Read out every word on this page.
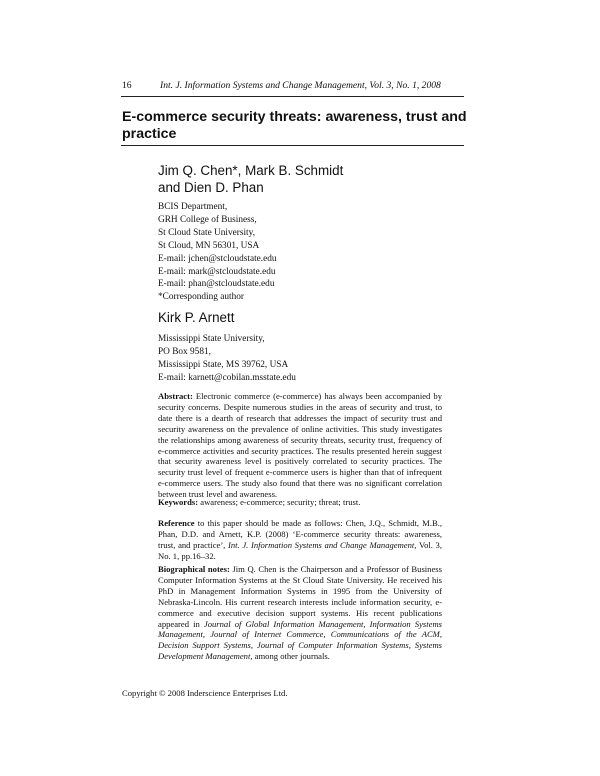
16	Int. J. Information Systems and Change Management, Vol. 3, No. 1, 2008
E-commerce security threats: awareness, trust and practice
Jim Q. Chen*, Mark B. Schmidt
and Dien D. Phan
BCIS Department,
GRH College of Business,
St Cloud State University,
St Cloud, MN 56301, USA
E-mail: jchen@stcloudstate.edu
E-mail: mark@stcloudstate.edu
E-mail: phan@stcloudstate.edu
*Corresponding author
Kirk P. Arnett
Mississippi State University,
PO Box 9581,
Mississippi State, MS 39762, USA
E-mail: karnett@cobilan.msstate.edu
Abstract: Electronic commerce (e-commerce) has always been accompanied by security concerns. Despite numerous studies in the areas of security and trust, to date there is a dearth of research that addresses the impact of security trust and security awareness on the prevalence of online activities. This study investigates the relationships among awareness of security threats, security trust, frequency of e-commerce activities and security practices. The results presented herein suggest that security awareness level is positively correlated to security practices. The security trust level of frequent e-commerce users is higher than that of infrequent e-commerce users. The study also found that there was no significant correlation between trust level and awareness.
Keywords: awareness; e-commerce; security; threat; trust.
Reference to this paper should be made as follows: Chen, J.Q., Schmidt, M.B., Phan, D.D. and Arnett, K.P. (2008) ‘E-commerce security threats: awareness, trust, and practice’, Int. J. Information Systems and Change Management, Vol. 3, No. 1, pp.16–32.
Biographical notes: Jim Q. Chen is the Chairperson and a Professor of Business Computer Information Systems at the St Cloud State University. He received his PhD in Management Information Systems in 1995 from the University of Nebraska-Lincoln. His current research interests include information security, e-commerce and executive decision support systems. His recent publications appeared in Journal of Global Information Management, Information Systems Management, Journal of Internet Commerce, Communications of the ACM, Decision Support Systems, Journal of Computer Information Systems, Systems Development Management, among other journals.
Copyright © 2008 Inderscience Enterprises Ltd.
